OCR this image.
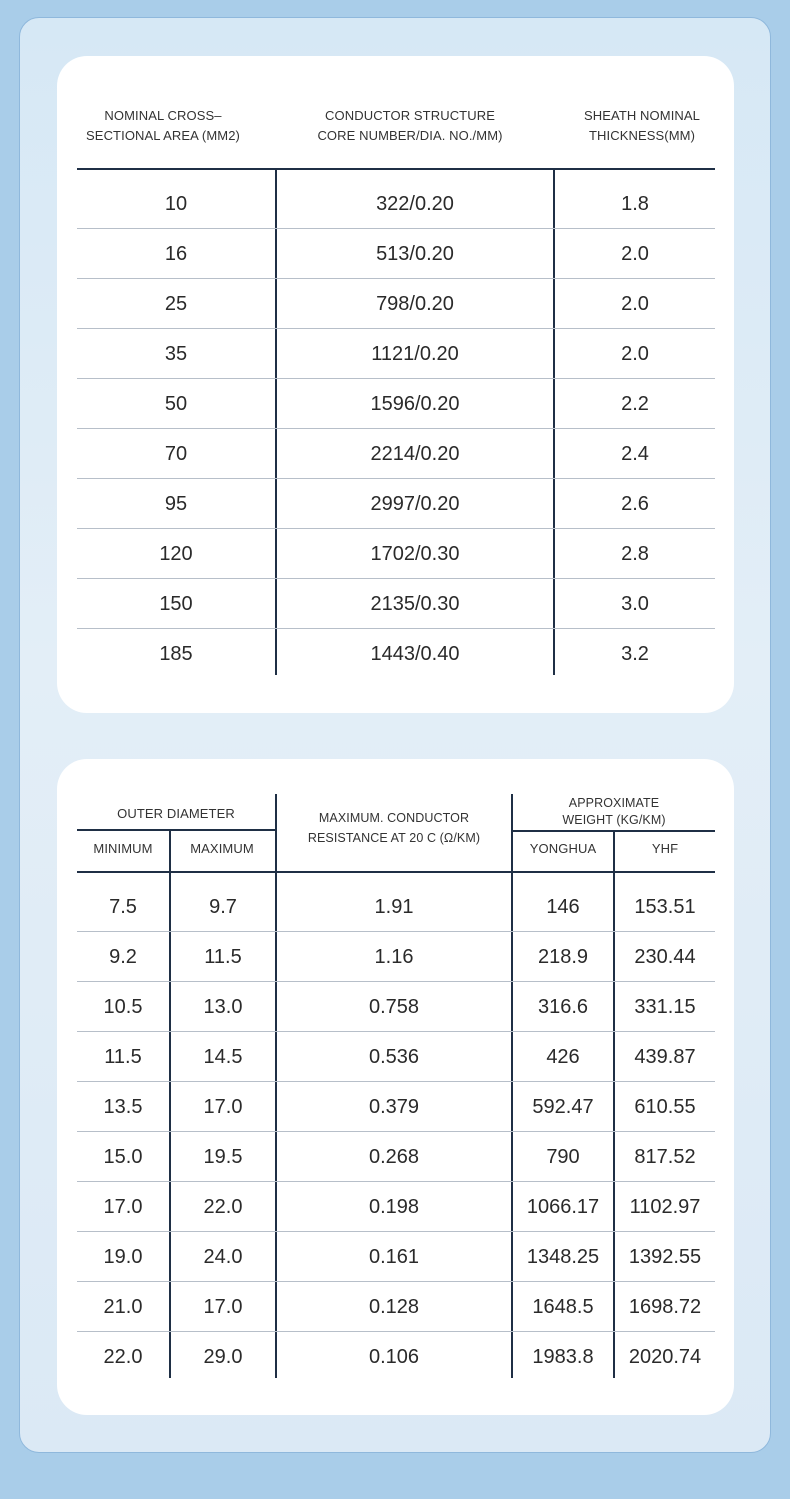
NOMINAL CROSS–
SECTIONAL AREA (MM2)
CONDUCTOR STRUCTURE
CORE NUMBER/DIA. NO./MM)
SHEATH NOMINAL
THICKNESS(MM)
10	322/0.20	1.8
16	513/0.20	2.0
25	798/0.20	2.0
35	1121/0.20	2.0
50	1596/0.20	2.2
70	2214/0.20	2.4
95	2997/0.20	2.6
120	1702/0.30	2.8
150	2135/0.30	3.0
185	1443/0.40	3.2
OUTER DIAMETER
MINIMUM	MAXIMUM
MAXIMUM. CONDUCTOR
RESISTANCE AT 20 C (Ω/KM)
APPROXIMATE
WEIGHT (KG/KM)
YONGHUA	YHF
7.5	9.7	1.91	146	153.51
9.2	11.5	1.16	218.9	230.44
10.5	13.0	0.758	316.6	331.15
11.5	14.5	0.536	426	439.87
13.5	17.0	0.379	592.47	610.55
15.0	19.5	0.268	790	817.52
17.0	22.0	0.198	1066.17	1102.97
19.0	24.0	0.161	1348.25	1392.55
21.0	17.0	0.128	1648.5	1698.72
22.0	29.0	0.106	1983.8	2020.74
